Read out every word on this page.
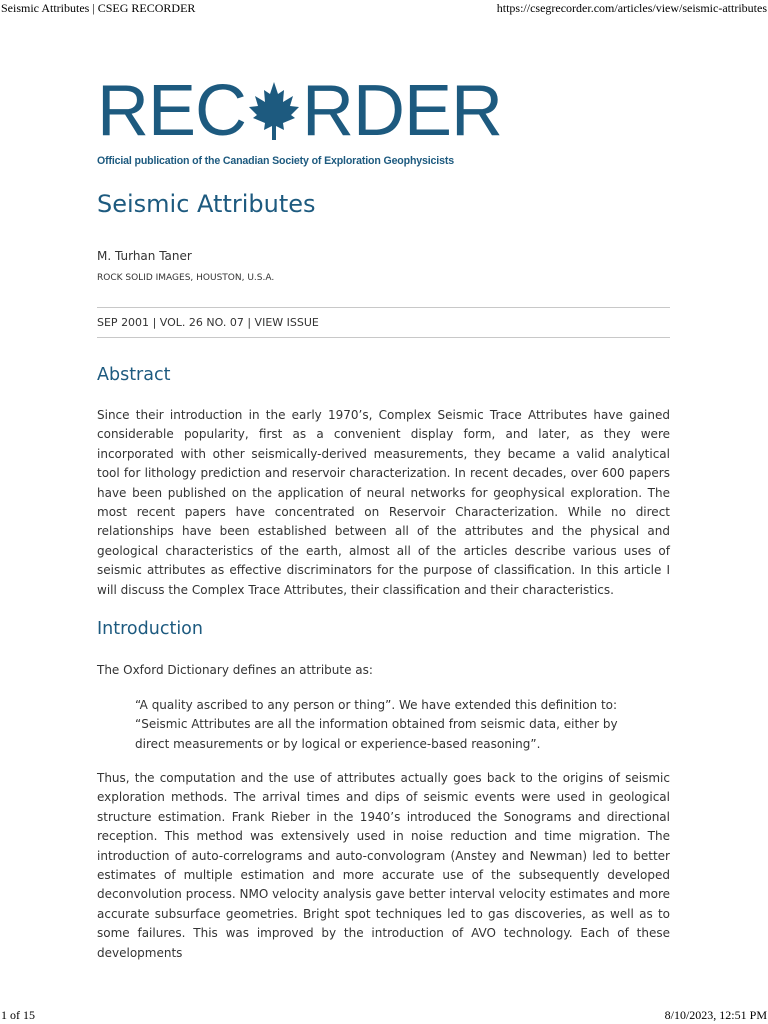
Seismic Attributes | CSEG RECORDER	https://csegrecorder.com/articles/view/seismic-attributes
REC RDER
Official publication of the Canadian Society of Exploration Geophysicists
Seismic Attributes
M. Turhan Taner
ROCK SOLID IMAGES, HOUSTON, U.S.A.
SEP 2001 | VOL. 26 NO. 07 | VIEW ISSUE
Abstract

Since their introduction in the early 1970’s, Complex Seismic Trace Attributes have gained considerable popularity, first as a convenient display form, and later, as they were incorporated with other seismically-derived measurements, they became a valid analytical tool for lithology prediction and reservoir characterization. In recent decades, over 600 papers have been published on the application of neural networks for geophysical exploration. The most recent papers have concentrated on Reservoir Characterization. While no direct relationships have been established between all of the attributes and the physical and geological characteristics of the earth, almost all of the articles describe various uses of seismic attributes as effective discriminators for the purpose of classification. In this article I will discuss the Complex Trace Attributes, their classification and their characteristics.

Introduction

The Oxford Dictionary defines an attribute as:

“A quality ascribed to any person or thing”. We have extended this definition to: “Seismic Attributes are all the information obtained from seismic data, either by direct measurements or by logical or experience-based reasoning”.

Thus, the computation and the use of attributes actually goes back to the origins of seismic exploration methods. The arrival times and dips of seismic events were used in geological structure estimation. Frank Rieber in the 1940’s introduced the Sonograms and directional reception. This method was extensively used in noise reduction and time migration. The introduction of auto-correlograms and auto-convologram (Anstey and Newman) led to better estimates of multiple estimation and more accurate use of the subsequently developed deconvolution process. NMO velocity analysis gave better interval velocity estimates and more accurate subsurface geometries. Bright spot techniques led to gas discoveries, as well as to some failures. This was improved by the introduction of AVO technology. Each of these developments

1 of 15	8/10/2023, 12:51 PM
